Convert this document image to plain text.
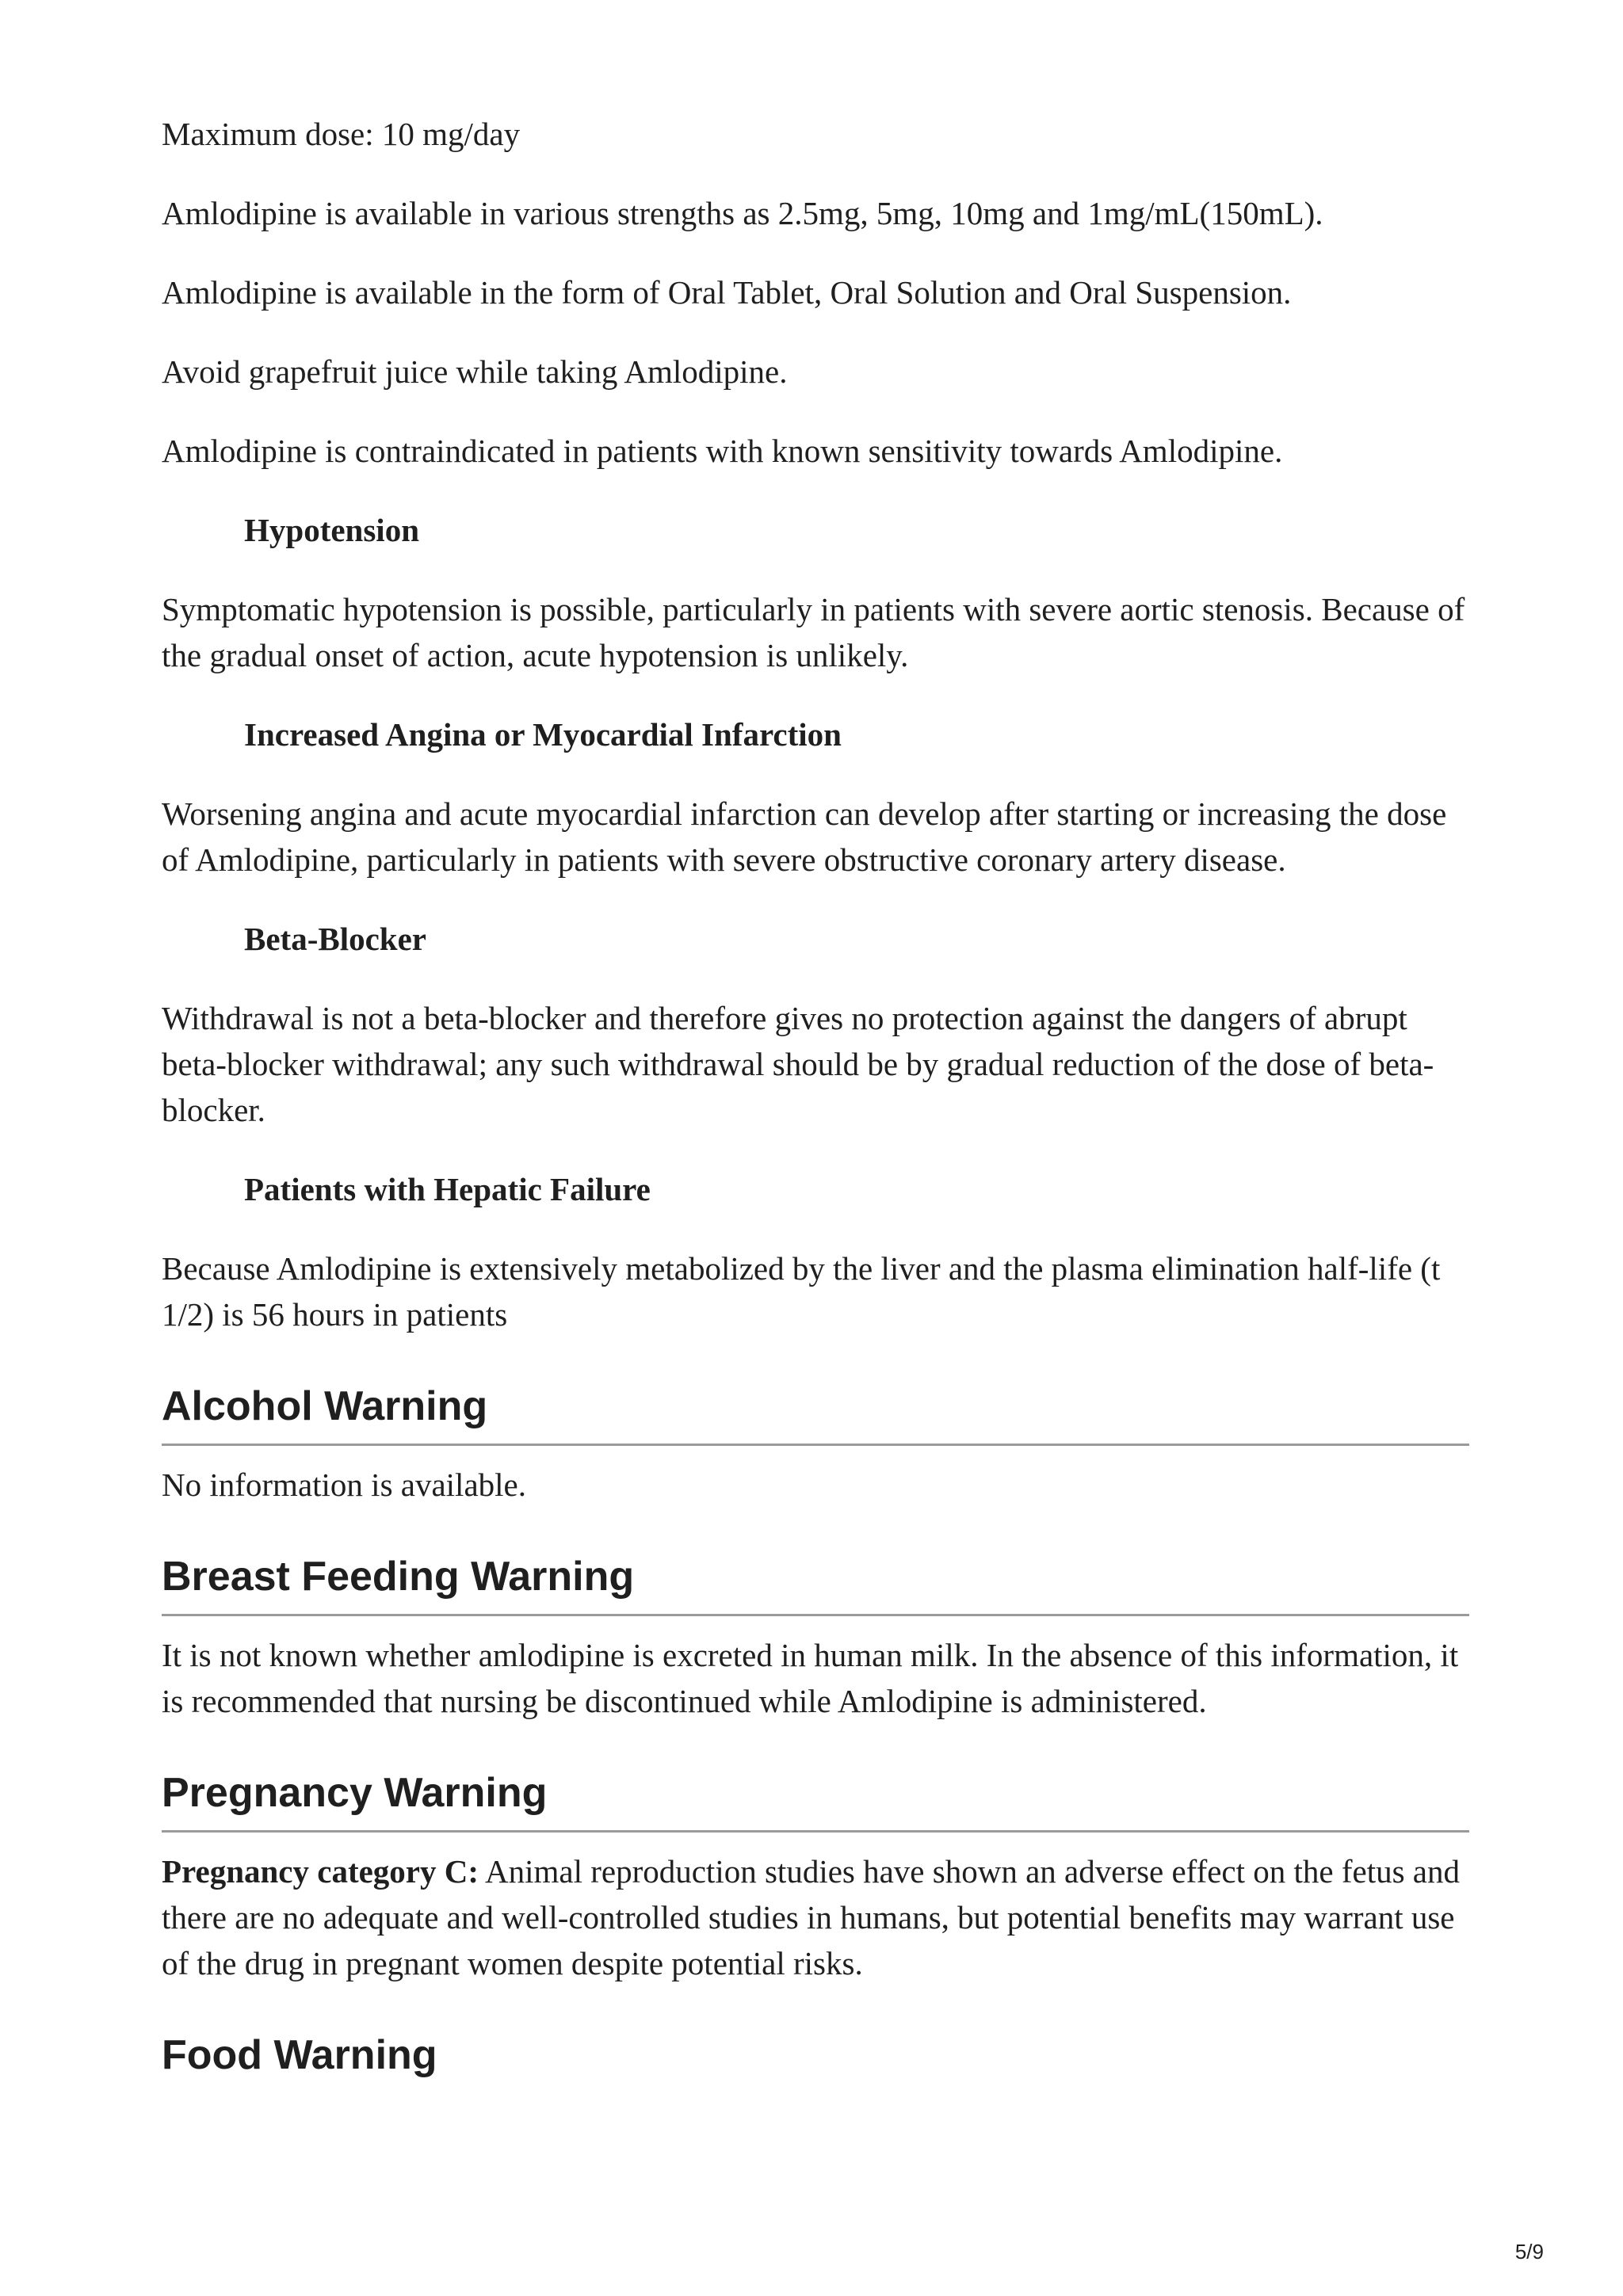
Maximum dose: 10 mg/day

Amlodipine is available in various strengths as 2.5mg, 5mg, 10mg and 1mg/mL(150mL).

Amlodipine is available in the form of Oral Tablet, Oral Solution and Oral Suspension.

Avoid grapefruit juice while taking Amlodipine.

Amlodipine is contraindicated in patients with known sensitivity towards Amlodipine.

Hypotension

Symptomatic hypotension is possible, particularly in patients with severe aortic stenosis. Because of the gradual onset of action, acute hypotension is unlikely.

Increased Angina or Myocardial Infarction

Worsening angina and acute myocardial infarction can develop after starting or increasing the dose of Amlodipine, particularly in patients with severe obstructive coronary artery disease.

Beta-Blocker

Withdrawal is not a beta-blocker and therefore gives no protection against the dangers of abrupt beta-blocker withdrawal; any such withdrawal should be by gradual reduction of the dose of beta-blocker.

Patients with Hepatic Failure

Because Amlodipine is extensively metabolized by the liver and the plasma elimination half-life (t 1/2) is 56 hours in patients

Alcohol Warning

No information is available.

Breast Feeding Warning

It is not known whether amlodipine is excreted in human milk. In the absence of this information, it is recommended that nursing be discontinued while Amlodipine is administered.

Pregnancy Warning

Pregnancy category C: Animal reproduction studies have shown an adverse effect on the fetus and there are no adequate and well-controlled studies in humans, but potential benefits may warrant use of the drug in pregnant women despite potential risks.

Food Warning
5/9
